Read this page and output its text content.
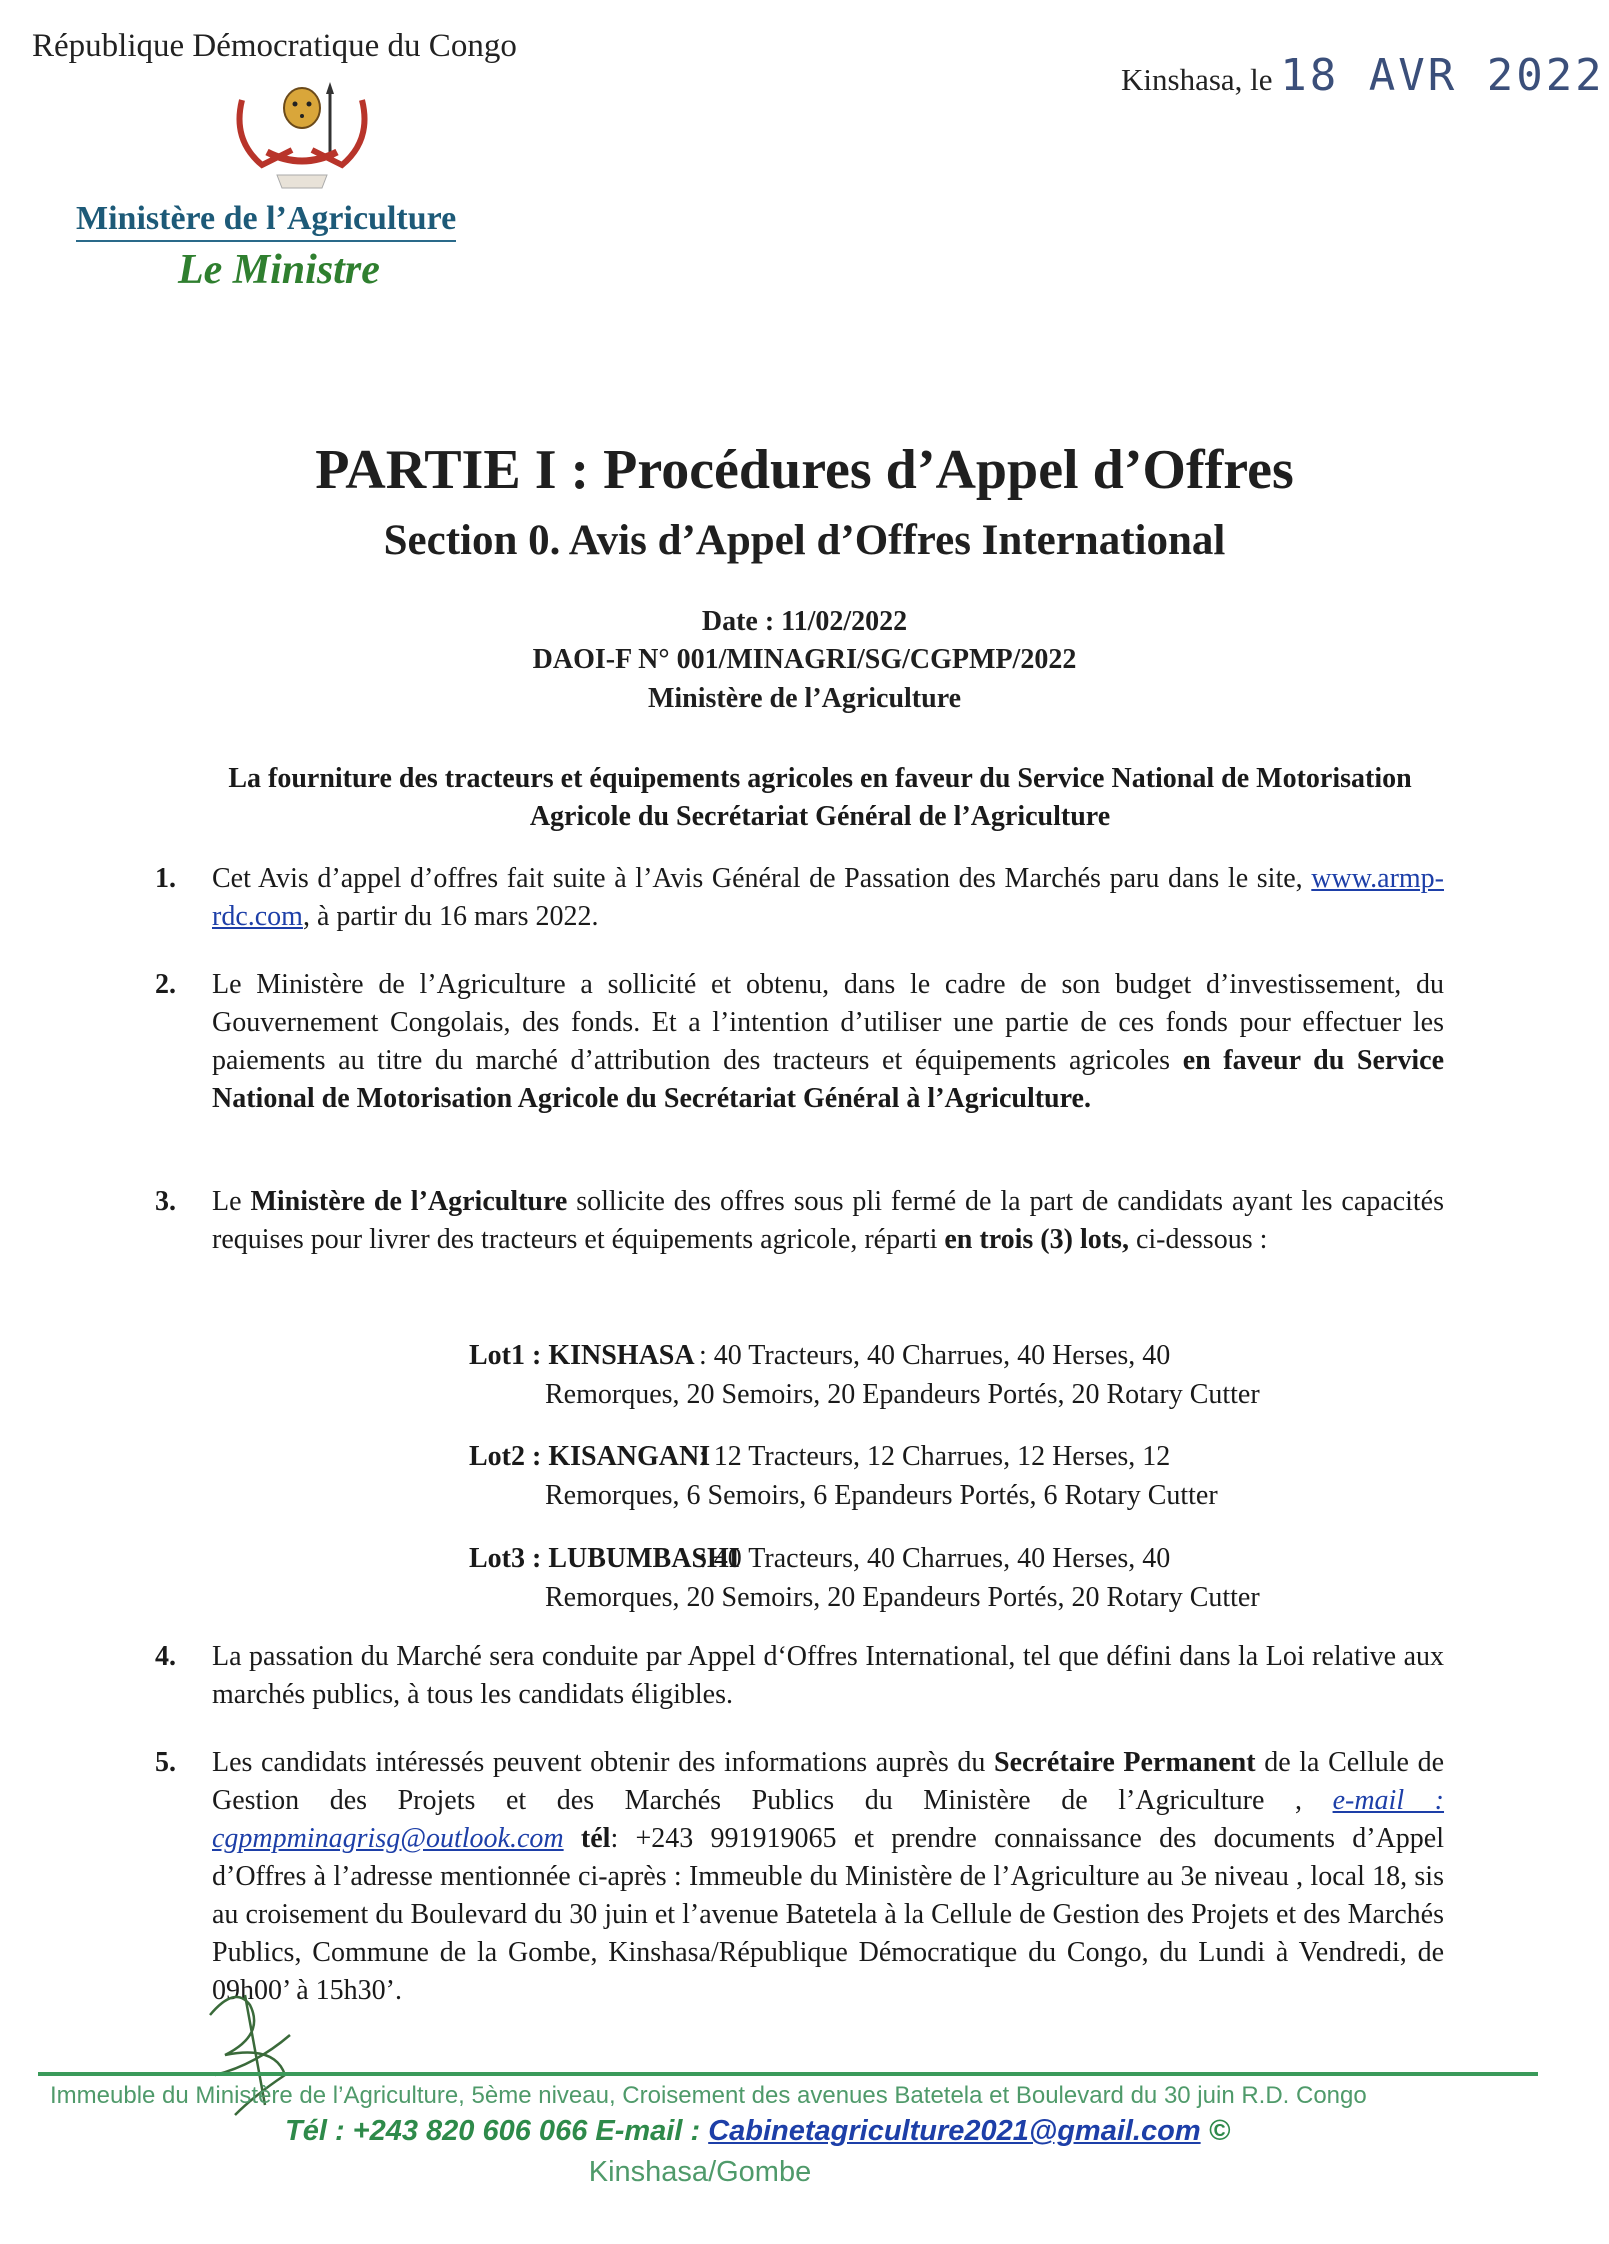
République Démocratique du Congo
Ministère de l’Agriculture
Le Ministre
Kinshasa, le 18 AVR 2022
PARTIE I : Procédures d’Appel d’Offres
Section 0. Avis d’Appel d’Offres International
Date : 11/02/2022
DAOI-F N° 001/MINAGRI/SG/CGPMP/2022
Ministère de l’Agriculture
La fourniture des tracteurs et équipements agricoles en faveur du Service National de Motorisation Agricole du Secrétariat Général de l’Agriculture
1. Cet Avis d’appel d’offres fait suite à l’Avis Général de Passation des Marchés paru dans le site, www.armp-rdc.com, à partir du 16 mars 2022.
2. Le Ministère de l’Agriculture a sollicité et obtenu, dans le cadre de son budget d’investissement, du Gouvernement Congolais, des fonds. Et a l’intention d’utiliser une partie de ces fonds pour effectuer les paiements au titre du marché d’attribution des tracteurs et équipements agricoles en faveur du Service National de Motorisation Agricole du Secrétariat Général à l’Agriculture.
3. Le Ministère de l’Agriculture sollicite des offres sous pli fermé de la part de candidats ayant les capacités requises pour livrer des tracteurs et équipements agricole, réparti en trois (3) lots, ci-dessous :
Lot1 : KINSHASA : 40 Tracteurs, 40 Charrues, 40 Herses, 40
Remorques, 20 Semoirs, 20 Epandeurs Portés, 20 Rotary Cutter
Lot2 : KISANGANI
: 12 Tracteurs, 12 Charrues, 12 Herses, 12
Remorques, 6 Semoirs, 6 Epandeurs Portés, 6 Rotary Cutter
Lot3 : LUBUMBASHI
: 40 Tracteurs, 40 Charrues, 40 Herses, 40
Remorques, 20 Semoirs, 20 Epandeurs Portés, 20 Rotary Cutter
4. La passation du Marché sera conduite par Appel d‘Offres International, tel que défini dans la Loi relative aux marchés publics, à tous les candidats éligibles.
5. Les candidats intéressés peuvent obtenir des informations auprès du Secrétaire Permanent de la Cellule de Gestion des Projets et des Marchés Publics du Ministère de l’Agriculture , e-mail : cgpmpminagrisg@outlook.com tél: +243 991919065 et prendre connaissance des documents d’Appel d’Offres à l’adresse mentionnée ci-après : Immeuble du Ministère de l’Agriculture au 3e niveau , local 18, sis au croisement du Boulevard du 30 juin et l’avenue Batetela à la Cellule de Gestion des Projets et des Marchés Publics, Commune de la Gombe, Kinshasa/République Démocratique du Congo, du Lundi à Vendredi, de 09h00’ à 15h30’.
Immeuble du Ministère de l’Agriculture, 5ème niveau, Croisement des avenues Batetela et Boulevard du 30 juin R.D. Congo
Tél : +243 820 606 066 E-mail : Cabinetagriculture2021@gmail.com ©
Kinshasa/Gombe
